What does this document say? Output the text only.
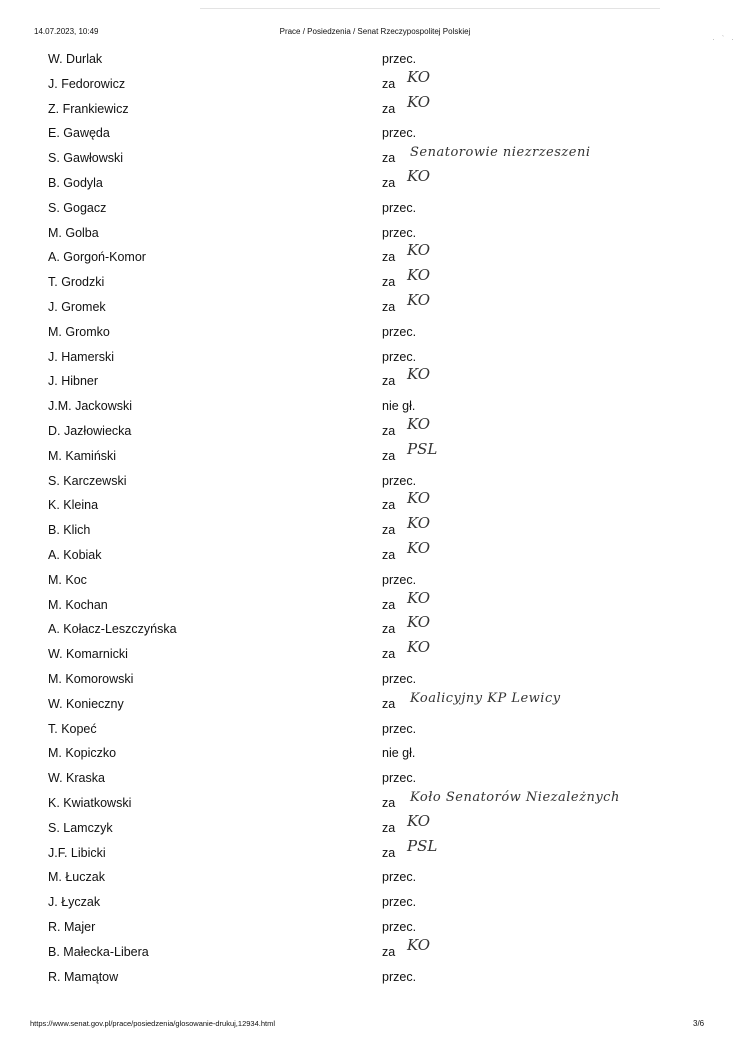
14.07.2023, 10:49	Prace / Posiedzenia / Senat Rzeczypospolitej Polskiej
· ˋ ·
W. Durlak	przec.
J. Fedorowicz	za KO
Z. Frankiewicz	za KO
E. Gawęda	przec.
S. Gawłowski	za Senatorowie niezrzeszeni
B. Godyla	za KO
S. Gogacz	przec.
M. Golba	przec.
A. Gorgoń-Komor	za KO
T. Grodzki	za KO
J. Gromek	za KO
M. Gromko	przec.
J. Hamerski	przec.
J. Hibner	za KO
J.M. Jackowski	nie gł.
D. Jazłowiecka	za KO
M. Kamiński	za PSL
S. Karczewski	przec.
K. Kleina	za KO
B. Klich	za KO
A. Kobiak	za KO
M. Koc	przec.
M. Kochan	za KO
A. Kołacz-Leszczyńska	za KO
W. Komarnicki	za KO
M. Komorowski	przec.
W. Konieczny	za Koalicyjny KP Lewicy
T. Kopeć	przec.
M. Kopiczko	nie gł.
W. Kraska	przec.
K. Kwiatkowski	za Koło Senatorów Niezależnych
S. Lamczyk	za KO
J.F. Libicki	za PSL
M. Łuczak	przec.
J. Łyczak	przec.
R. Majer	przec.
B. Małecka-Libera	za KO
R. Mamątow	przec.
https://www.senat.gov.pl/prace/posiedzenia/glosowanie-drukuj,12934.html	3/6
